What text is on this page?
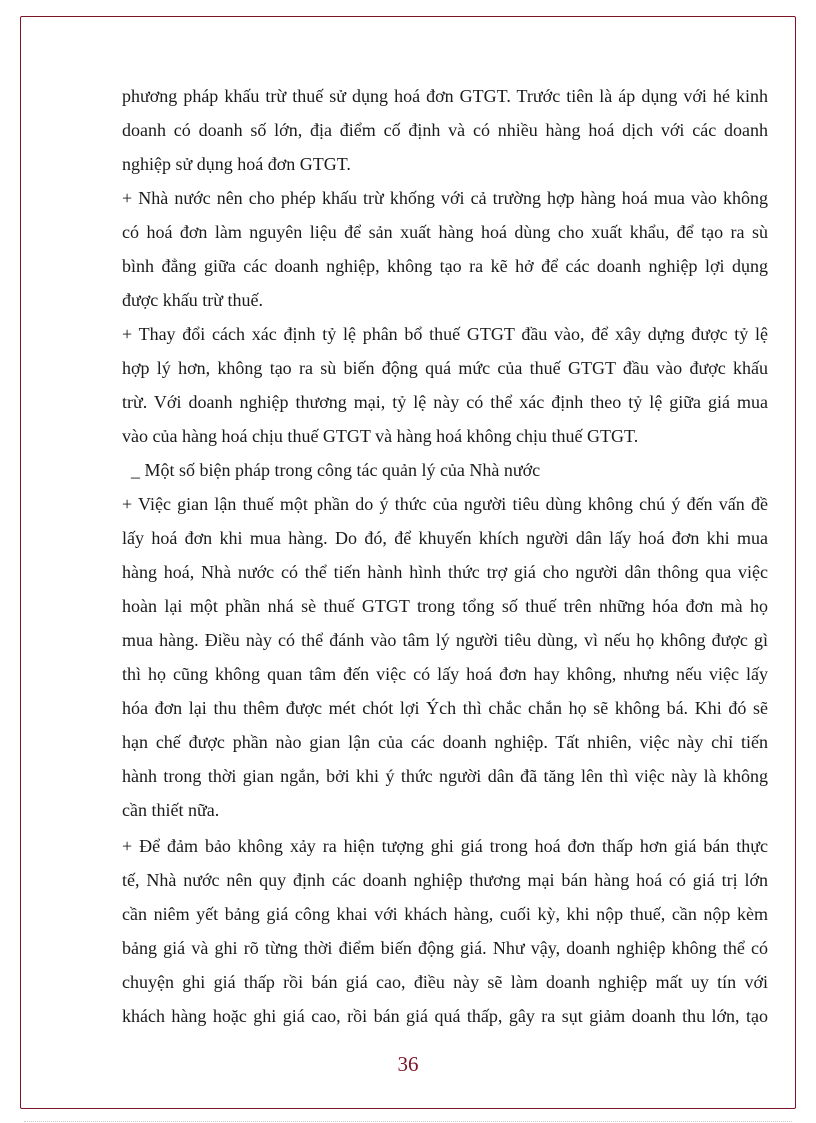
phương pháp khấu trừ thuế sử dụng hoá đơn GTGT. Trước tiên là áp dụng với hé kinh
doanh có doanh số lớn, địa điểm cố định và có nhiều hàng hoá dịch với các doanh
nghiệp sử dụng hoá đơn GTGT.
+ Nhà nước nên cho phép khấu trừ khống với cả trường hợp hàng hoá mua vào không
có hoá đơn làm nguyên liệu để sản xuất hàng hoá dùng cho xuất khẩu, để tạo ra sù
bình đẳng giữa các doanh nghiệp, không tạo ra kẽ hở để các doanh nghiệp lợi dụng
được khấu trừ thuế.
+ Thay đổi cách xác định tỷ lệ phân bổ thuế GTGT đầu vào, để xây dựng được tỷ lệ
hợp lý hơn, không tạo ra sù biến động quá mức của thuế GTGT đầu vào được khấu
trừ. Với doanh nghiệp thương mại, tỷ lệ này có thể xác định theo tỷ lệ giữa giá mua
vào của hàng hoá chịu thuế GTGT và hàng hoá không chịu thuế GTGT.
_ Một số biện pháp trong công tác quản lý của Nhà nước
+ Việc gian lận thuế một phần do ý thức của người tiêu dùng không chú ý đến vấn đề
lấy hoá đơn khi mua hàng. Do đó, để khuyến khích người dân lấy hoá đơn khi mua
hàng hoá, Nhà nước có thể tiến hành hình thức trợ giá cho người dân thông qua việc
hoàn lại một phần nhá sè thuế GTGT trong tổng số thuế trên những hóa đơn mà họ
mua hàng. Điều này có thể đánh vào tâm lý người tiêu dùng, vì nếu họ không được gì
thì họ cũng không quan tâm đến việc có lấy hoá đơn hay không, nhưng nếu việc lấy
hóa đơn lại thu thêm được mét chót lợi Ých thì chắc chắn họ sẽ không bá. Khi đó sẽ
hạn chế được phần nào gian lận của các doanh nghiệp. Tất nhiên, việc này chỉ tiến
hành trong thời gian ngắn, bởi khi ý thức người dân đã tăng lên thì việc này là không
cần thiết nữa.
+ Để đảm bảo không xảy ra hiện tượng ghi giá trong hoá đơn thấp hơn giá bán thực
tế, Nhà nước nên quy định các doanh nghiệp thương mại bán hàng hoá có giá trị lớn
cần niêm yết bảng giá công khai với khách hàng, cuối kỳ, khi nộp thuế, cần nộp kèm
bảng giá và ghi rõ từng thời điểm biến động giá. Như vậy, doanh nghiệp không thể có
chuyện ghi giá thấp rồi bán giá cao, điều này sẽ làm doanh nghiệp mất uy tín với
khách hàng hoặc ghi giá cao, rồi bán giá quá thấp, gây ra sụt giảm doanh thu lớn, tạo
36
